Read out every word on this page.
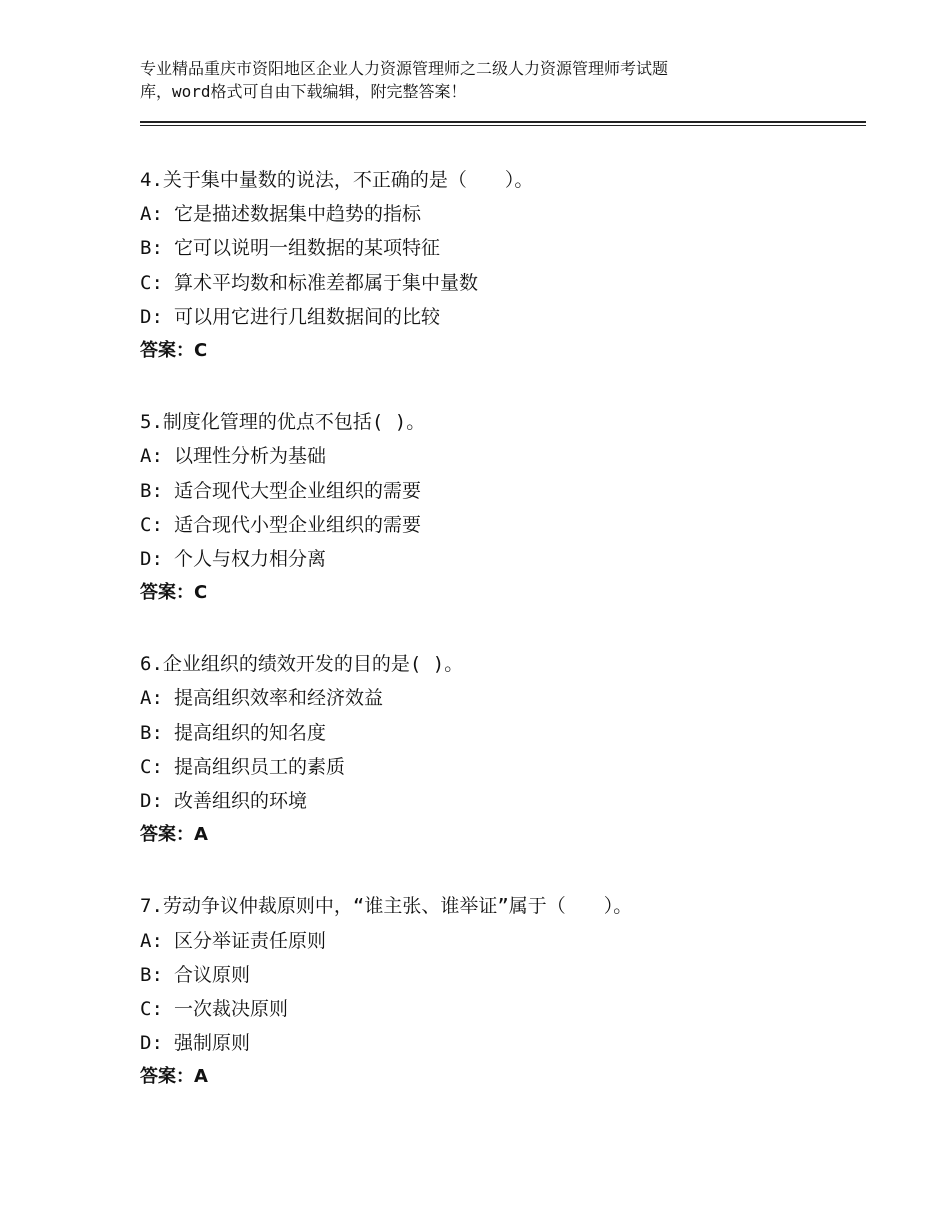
专业精品重庆市资阳地区企业人力资源管理师之二级人力资源管理师考试题
库，word格式可自由下载编辑，附完整答案！
4.关于集中量数的说法，不正确的是（　　）。
A: 它是描述数据集中趋势的指标
B: 它可以说明一组数据的某项特征
C: 算术平均数和标准差都属于集中量数
D: 可以用它进行几组数据间的比较
答案：C
5.制度化管理的优点不包括( )。
A: 以理性分析为基础
B: 适合现代大型企业组织的需要
C: 适合现代小型企业组织的需要
D: 个人与权力相分离
答案：C
6.企业组织的绩效开发的目的是( )。
A: 提高组织效率和经济效益
B: 提高组织的知名度
C: 提高组织员工的素质
D: 改善组织的环境
答案：A
7.劳动争议仲裁原则中，“谁主张、谁举证”属于（　　）。
A: 区分举证责任原则
B: 合议原则
C: 一次裁决原则
D: 强制原则
答案：A
